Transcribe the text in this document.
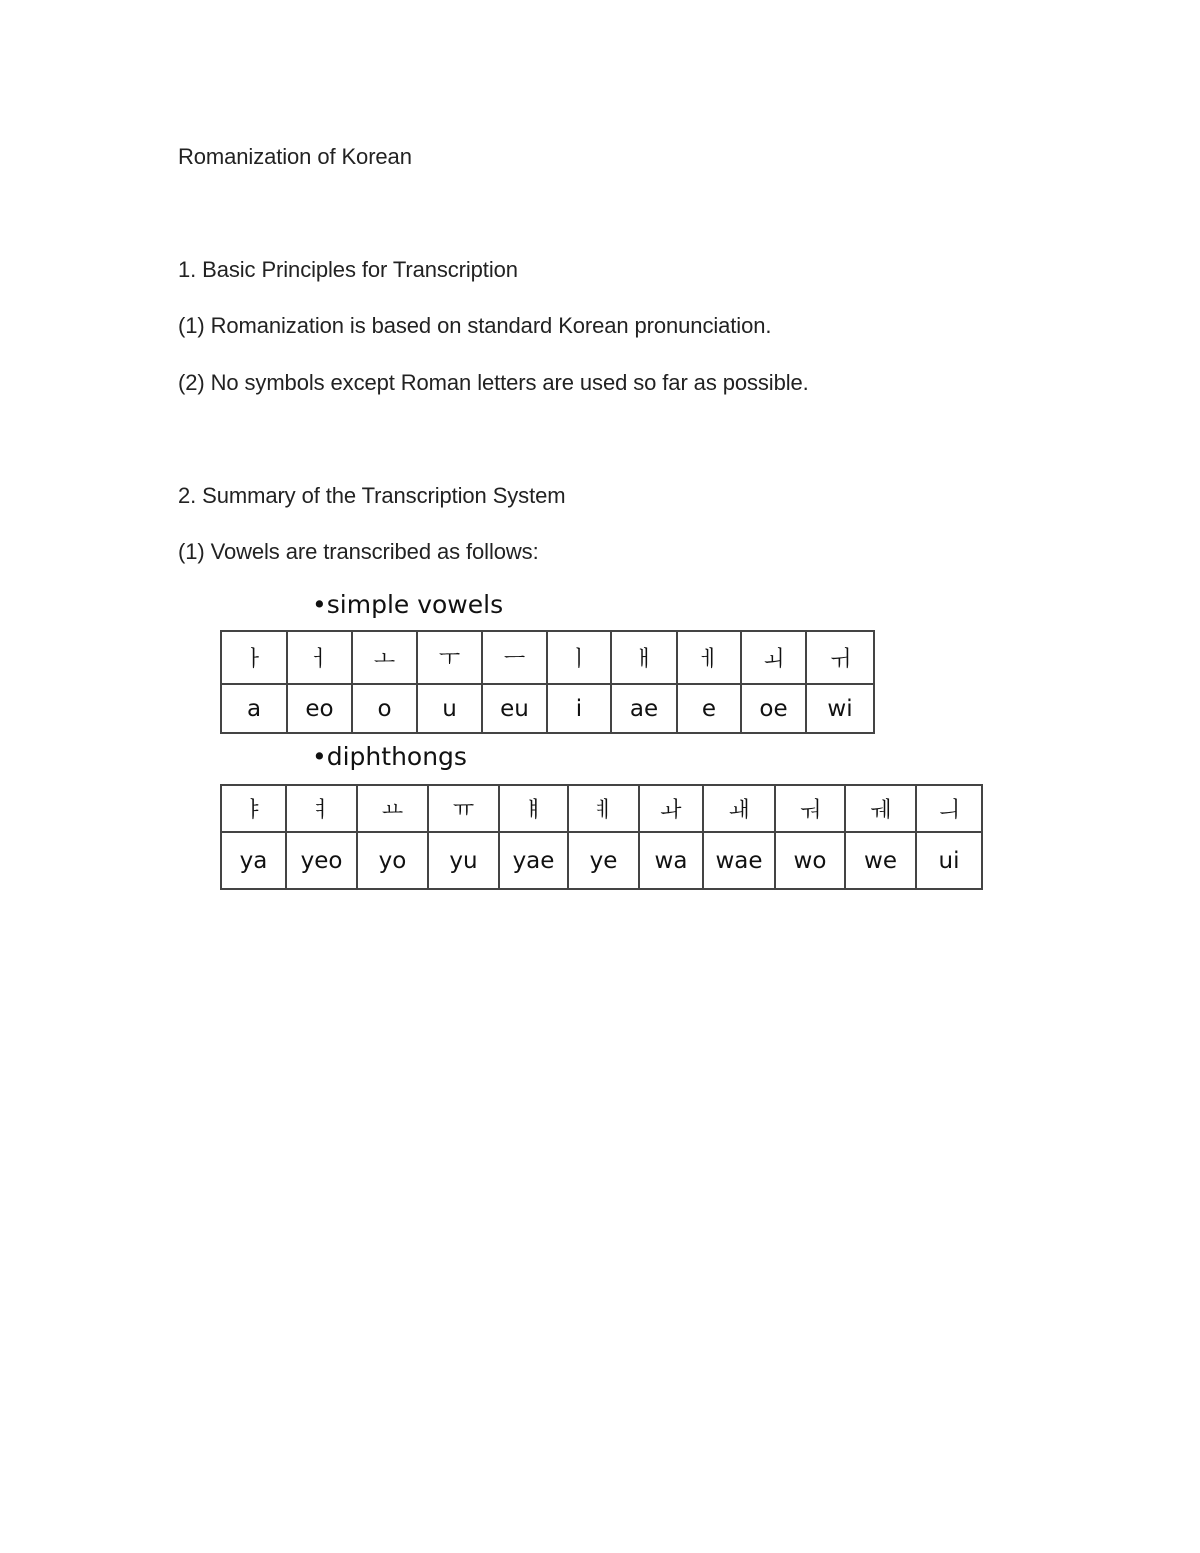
Romanization of Korean
1. Basic Principles for Transcription
(1) Romanization is based on standard Korean pronunciation.
(2) No symbols except Roman letters are used so far as possible.
2. Summary of the Transcription System
(1) Vowels are transcribed as follows:
•simple vowels
ㅏ	ㅓ	ㅗ	ㅜ	ㅡ	ㅣ	ㅐ	ㅔ	ㅚ	ㅟ
a	eo	o	u	eu	i	ae	e	oe	wi
•diphthongs
ㅑ	ㅕ	ㅛ	ㅠ	ㅒ	ㅖ	ㅘ	ㅙ	ㅝ	ㅞ	ㅢ
ya	yeo	yo	yu	yae	ye	wa	wae	wo	we	ui
